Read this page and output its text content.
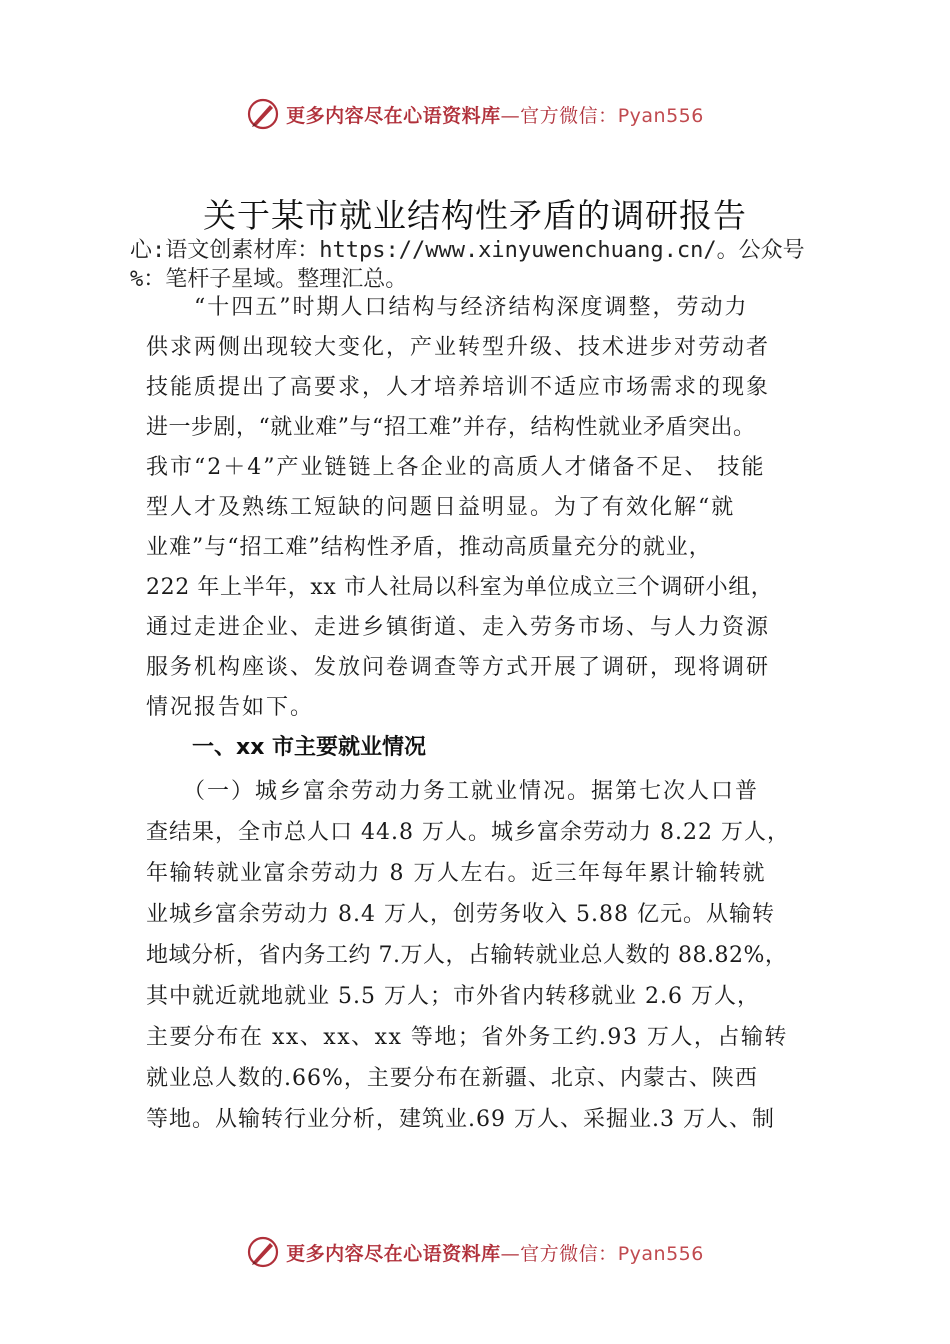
更多内容尽在心语资料库—官方微信：Pyan556
关于某市就业结构性矛盾的调研报告
心:语文创素材库：https://www.xinyuwenchuang.cn/。公众号
%：笔杆子星域。整理汇总。
　　“十四五”时期人口结构与经济结构深度调整，劳动力
供求两侧出现较大变化，产业转型升级、技术进步对劳动者
技能质提出了高要求，人才培养培训不适应市场需求的现象
进一步剧，“就业难”与“招工难”并存，结构性就业矛盾突出。
我市“2＋4”产业链链上各企业的高质人才储备不足、 技能
型人才及熟练工短缺的问题日益明显。为了有效化解“就
业难”与“招工难”结构性矛盾，推动高质量充分的就业，
222 年上半年，xx 市人社局以科室为单位成立三个调研小组，
通过走进企业、走进乡镇街道、走入劳务市场、与人力资源
服务机构座谈、发放问卷调查等方式开展了调研，现将调研
情况报告如下。
一、xx 市主要就业情况
　（一）城乡富余劳动力务工就业情况。据第七次人口普
查结果，全市总人口 44.8 万人。城乡富余劳动力 8.22 万人，
年输转就业富余劳动力 8 万人左右。近三年每年累计输转就
业城乡富余劳动力 8.4 万人，创劳务收入 5.88 亿元。从输转
地域分析，省内务工约 7.万人，占输转就业总人数的 88.82%，
其中就近就地就业 5.5 万人；市外省内转移就业 2.6 万人，
主要分布在 xx、xx、xx 等地；省外务工约.93 万人，占输转
就业总人数的.66%，主要分布在新疆、北京、内蒙古、陕西
等地。从输转行业分析，建筑业.69 万人、采掘业.3 万人、制
更多内容尽在心语资料库—官方微信：Pyan556
